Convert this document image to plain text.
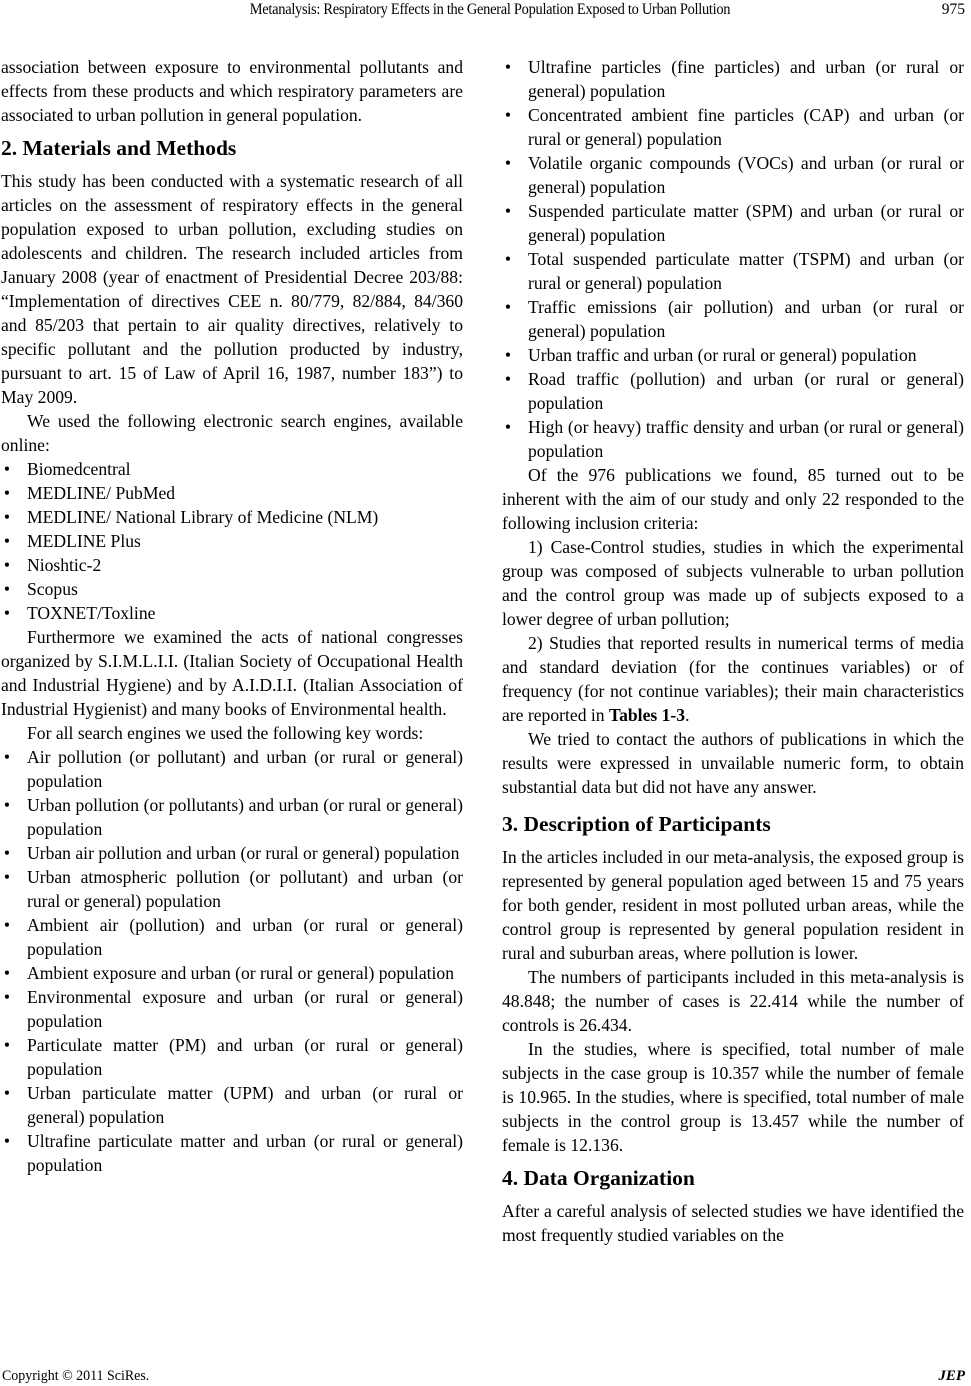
Metanalysis: Respiratory Effects in the General Population Exposed to Urban Pollution	975

association between exposure to environmental pollutants and effects from these products and which respiratory parameters are associated to urban pollution in general population.

2. Materials and Methods

This study has been conducted with a systematic research of all articles on the assessment of respiratory effects in the general population exposed to urban pollution, excluding studies on adolescents and children. The research included articles from January 2008 (year of enactment of Presidential Decree 203/88: “Implementation of directives CEE n. 80/779, 82/884, 84/360 and 85/203 that pertain to air quality directives, relatively to specific pollutant and the pollution producted by industry, pursuant to art. 15 of Law of April 16, 1987, number 183”) to May 2009.

We used the following electronic search engines, available online:

• Biomedcentral
• MEDLINE/ PubMed
• MEDLINE/ National Library of Medicine (NLM)
• MEDLINE Plus
• Nioshtic-2
• Scopus
• TOXNET/Toxline

Furthermore we examined the acts of national congresses organized by S.I.M.L.I.I. (Italian Society of Occupational Health and Industrial Hygiene) and by A.I.D.I.I. (Italian Association of Industrial Hygienist) and many books of Environmental health.

For all search engines we used the following key words:

• Air pollution (or pollutant) and urban (or rural or general) population
• Urban pollution (or pollutants) and urban (or rural or general) population
• Urban air pollution and urban (or rural or general) population
• Urban atmospheric pollution (or pollutant) and urban (or rural or general) population
• Ambient air (pollution) and urban (or rural or general) population
• Ambient exposure and urban (or rural or general) population
• Environmental exposure and urban (or rural or general) population
• Particulate matter (PM) and urban (or rural or general) population
• Urban particulate matter (UPM) and urban (or rural or general) population
• Ultrafine particulate matter and urban (or rural or general) population
• Ultrafine particles (fine particles) and urban (or rural or general) population
• Concentrated ambient fine particles (CAP) and urban (or rural or general) population
• Volatile organic compounds (VOCs) and urban (or rural or general) population
• Suspended particulate matter (SPM) and urban (or rural or general) population
• Total suspended particulate matter (TSPM) and urban (or rural or general) population
• Traffic emissions (air pollution) and urban (or rural or general) population
• Urban traffic and urban (or rural or general) population
• Road traffic (pollution) and urban (or rural or general) population
• High (or heavy) traffic density and urban (or rural or general) population

Of the 976 publications we found, 85 turned out to be inherent with the aim of our study and only 22 responded to the following inclusion criteria:

1) Case-Control studies, studies in which the experimental group was composed of subjects vulnerable to urban pollution and the control group was made up of subjects exposed to a lower degree of urban pollution;

2) Studies that reported results in numerical terms of media and standard deviation (for the continues variables) or of frequency (for not continue variables); their main characteristics are reported in Tables 1-3.

We tried to contact the authors of publications in which the results were expressed in unvailable numeric form, to obtain substantial data but did not have any answer.

3. Description of Participants

In the articles included in our meta-analysis, the exposed group is represented by general population aged between 15 and 75 years for both gender, resident in most polluted urban areas, while the control group is represented by general population resident in rural and suburban areas, where pollution is lower.

The numbers of participants included in this meta-analysis is 48.848; the number of cases is 22.414 while the number of controls is 26.434.

In the studies, where is specified, total number of male subjects in the case group is 10.357 while the number of female is 10.965. In the studies, where is specified, total number of male subjects in the control group is 13.457 while the number of female is 12.136.

4. Data Organization

After a careful analysis of selected studies we have identified the most frequently studied variables on the

Copyright © 2011 SciRes.	JEP
